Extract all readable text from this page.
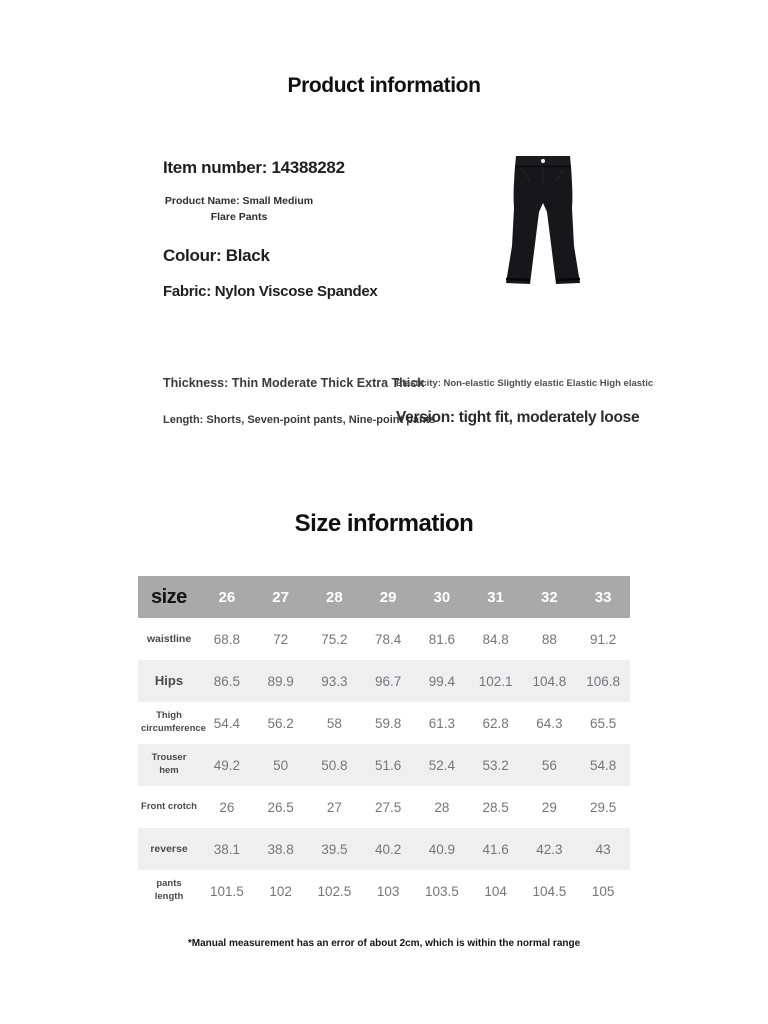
Product information
Item number: 14388282
Product Name: Small Medium Flare Pants
Colour: Black
Fabric: Nylon Viscose Spandex
Thickness: Thin Moderate Thick Extra Thick
Elasticity: Non-elastic Slightly elastic Elastic High elastic
Length: Shorts, Seven-point pants, Nine-point pants
Version: tight fit, moderately loose
Size information
size	26	27	28	29	30	31	32	33
waistline	68.8	72	75.2	78.4	81.6	84.8	88	91.2
Hips	86.5	89.9	93.3	96.7	99.4	102.1	104.8	106.8
Thigh circumference 54.4	56.2	58	59.8	61.3	62.8	64.3	65.5
Trouser hem	49.2	50	50.8	51.6	52.4	53.2	56	54.8
Front crotch	26	26.5	27	27.5	28	28.5	29	29.5
reverse	38.1	38.8	39.5	40.2	40.9	41.6	42.3	43
pants length	101.5	102	102.5	103	103.5	104	104.5	105
*Manual measurement has an error of about 2cm, which is within the normal range
